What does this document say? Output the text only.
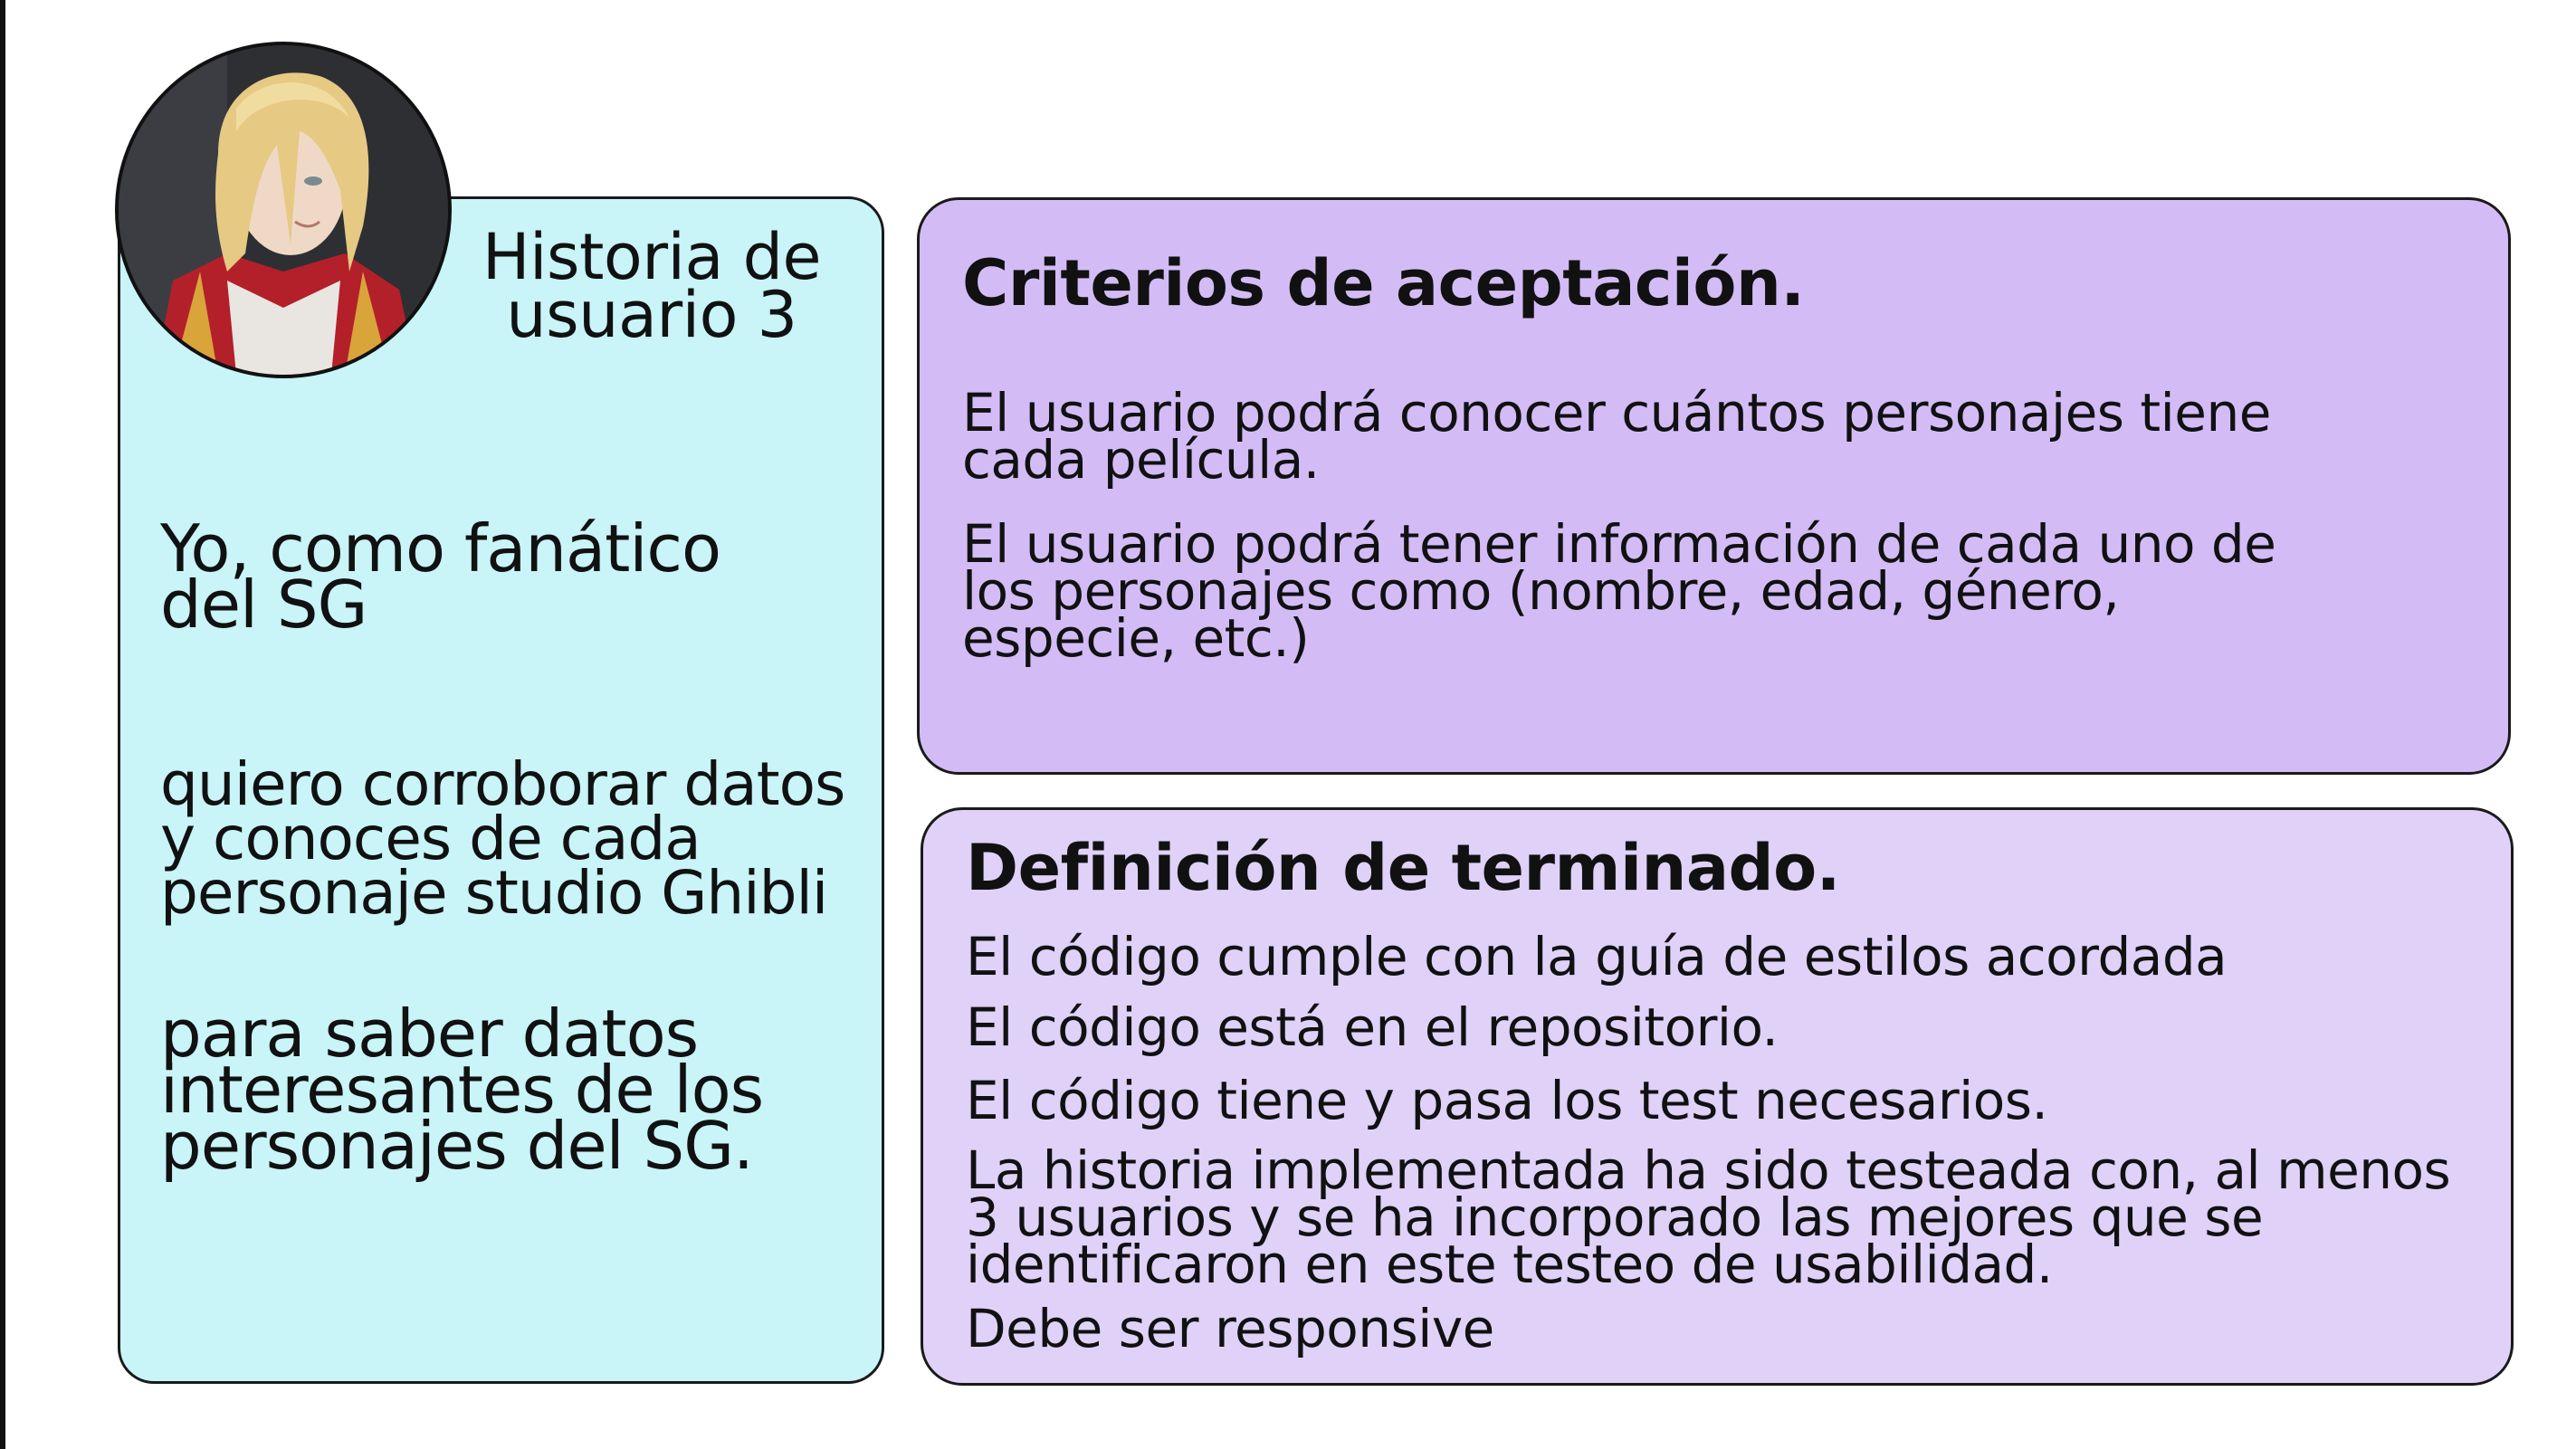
Historia de usuario 3

Yo, como fanático del SG

quiero corroborar datos y conoces de cada personaje studio Ghibli

para saber datos interesantes de los personajes del SG.

Criterios de aceptación.

El usuario podrá conocer cuántos personajes tiene cada película.

El usuario podrá tener información de cada uno de los personajes como (nombre, edad, género, especie, etc.)

Definición de terminado.

El código cumple con la guía de estilos acordada

El código está en el repositorio.

El código tiene y pasa los test necesarios.

La historia implementada ha sido testeada con, al menos 3 usuarios y se ha incorporado las mejores que se identificaron en este testeo de usabilidad.

Debe ser responsive
